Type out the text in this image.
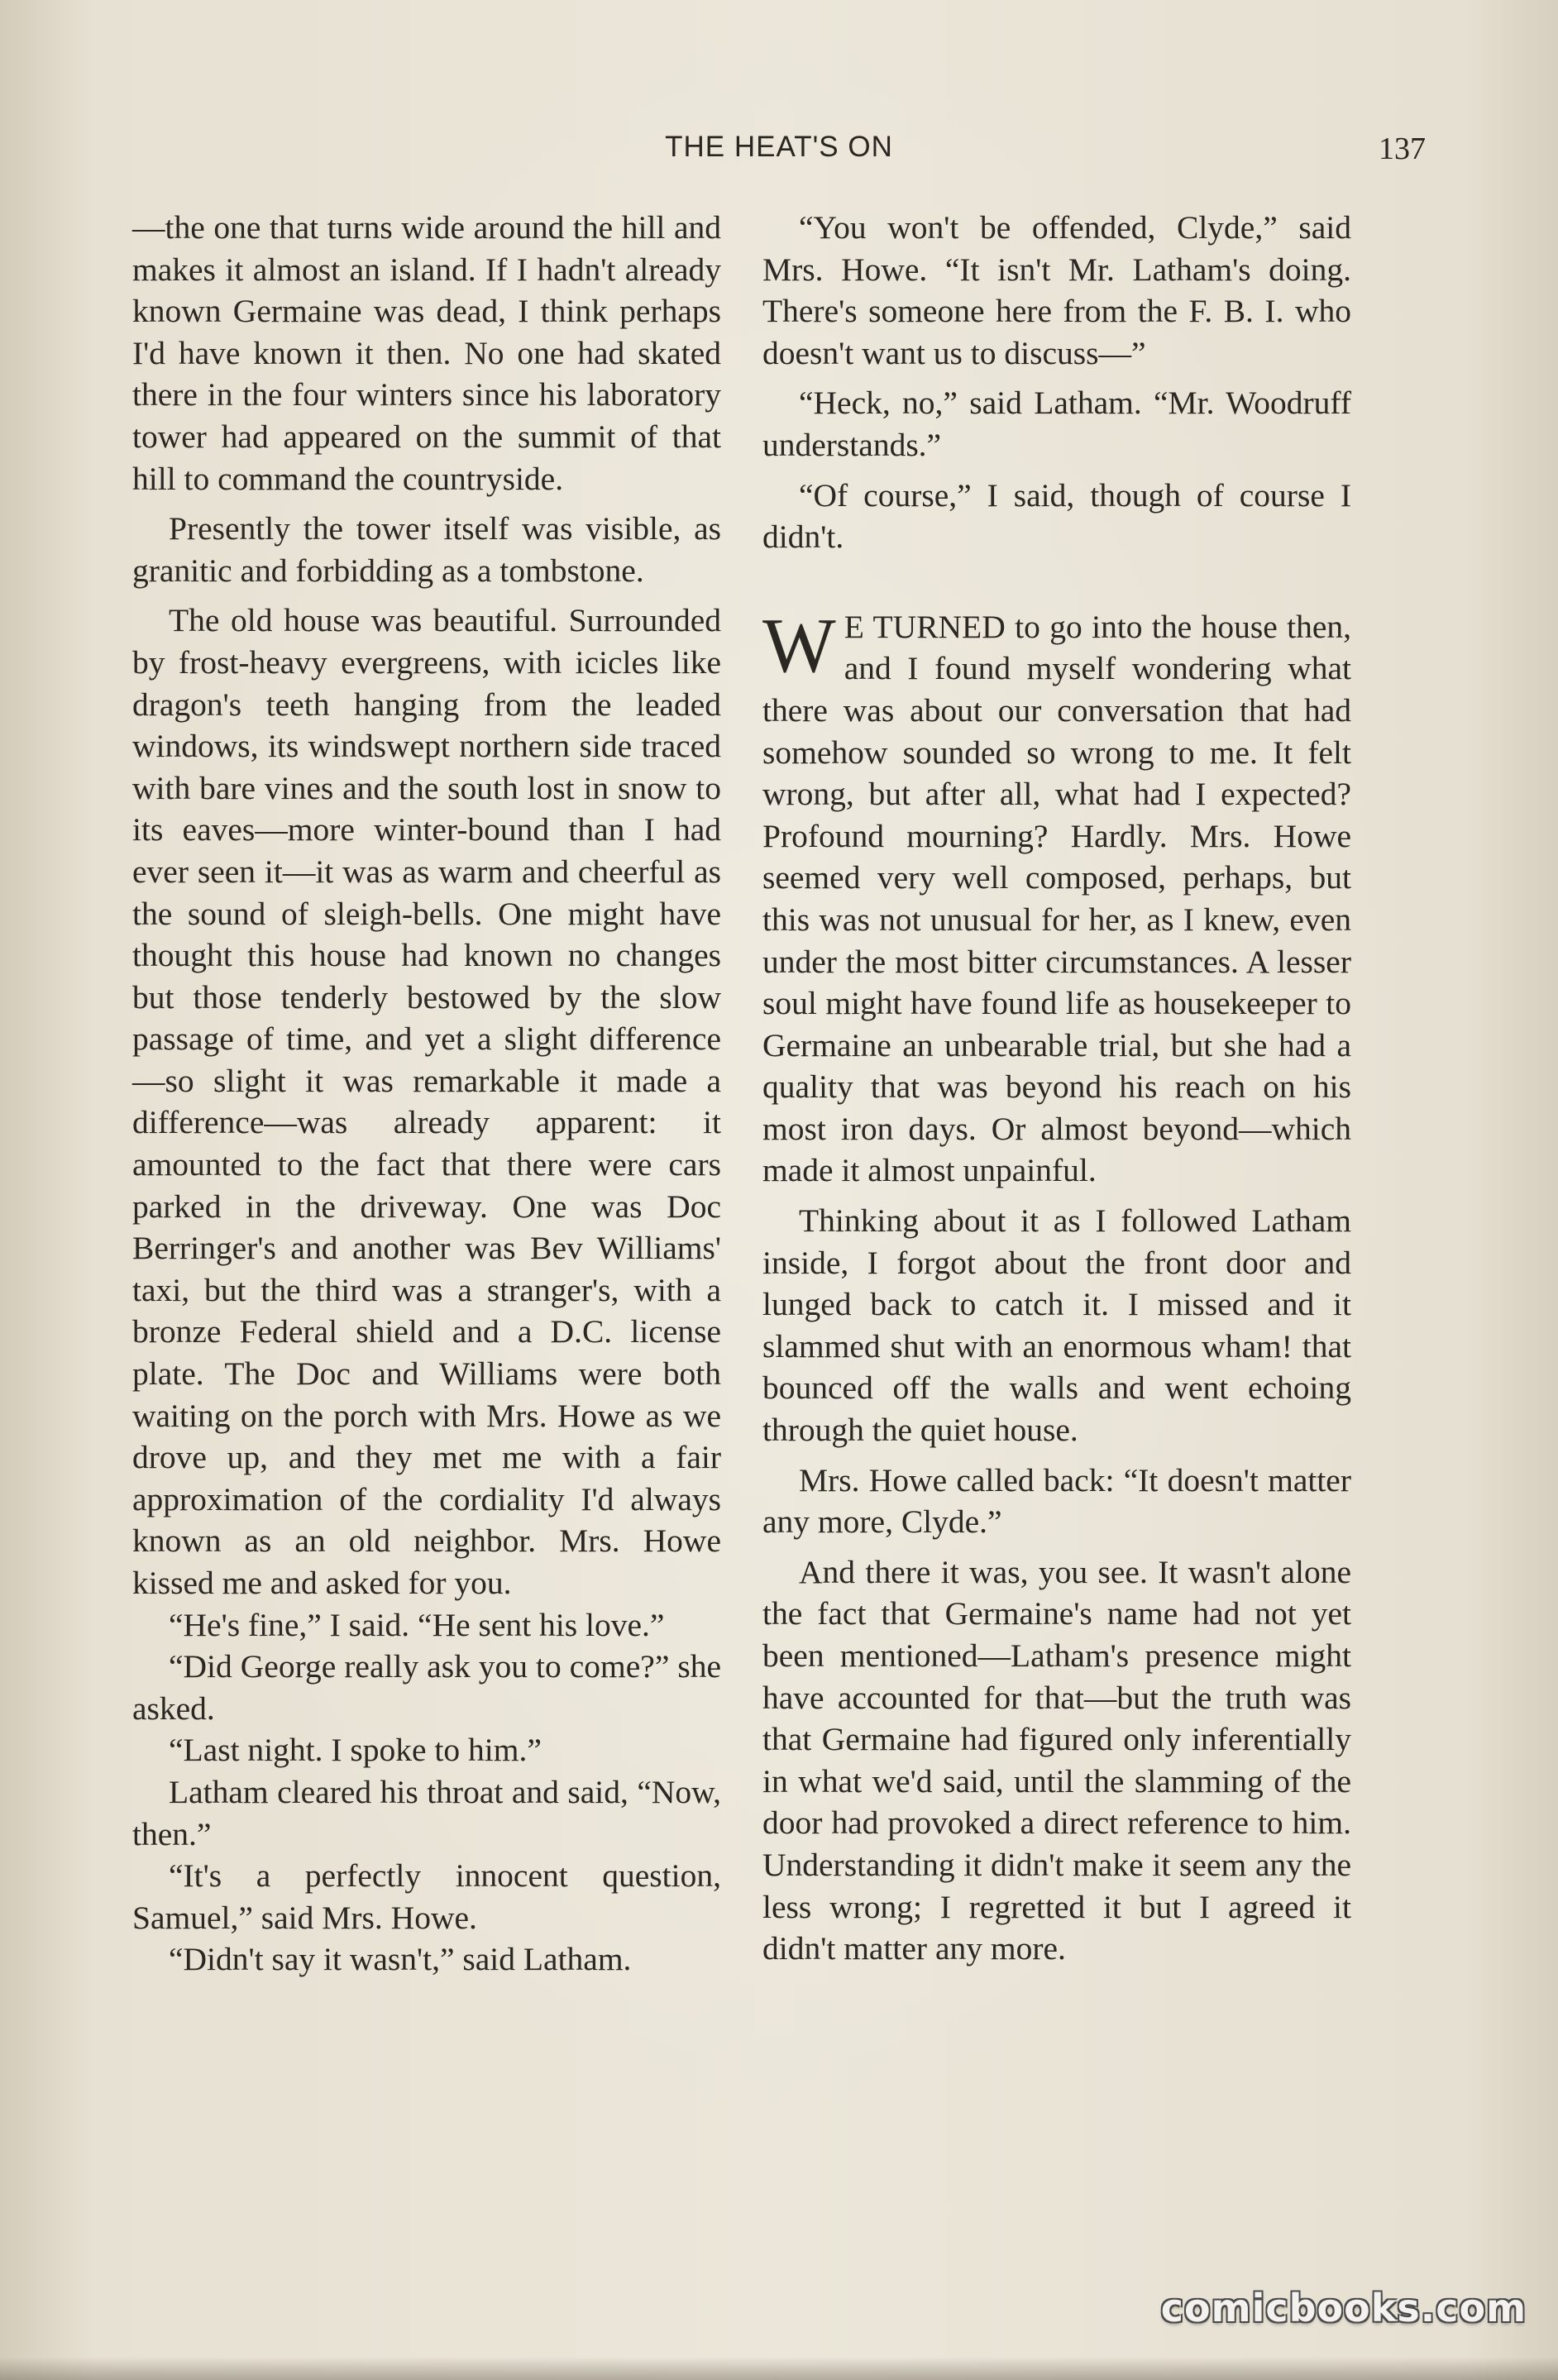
THE HEAT'S ON	137

—the one that turns wide around the hill and makes it almost an island. If I hadn't already known Germaine was dead, I think perhaps I'd have known it then. No one had skated there in the four winters since his laboratory tower had appeared on the summit of that hill to command the countryside.

Presently the tower itself was visible, as granitic and forbidding as a tombstone.

The old house was beautiful. Surrounded by frost-heavy evergreens, with icicles like dragon's teeth hanging from the leaded windows, its windswept northern side traced with bare vines and the south lost in snow to its eaves—more winter-bound than I had ever seen it—it was as warm and cheerful as the sound of sleigh-bells. One might have thought this house had known no changes but those tenderly bestowed by the slow passage of time, and yet a slight difference—so slight it was remarkable it made a difference—was already apparent: it amounted to the fact that there were cars parked in the driveway. One was Doc Berringer's and another was Bev Williams' taxi, but the third was a stranger's, with a bronze Federal shield and a D.C. license plate. The Doc and Williams were both waiting on the porch with Mrs. Howe as we drove up, and they met me with a fair approximation of the cordiality I'd always known as an old neighbor. Mrs. Howe kissed me and asked for you.

“He's fine,” I said. “He sent his love.”

“Did George really ask you to come?” she asked.

“Last night. I spoke to him.”

Latham cleared his throat and said, “Now, then.”

“It's a perfectly innocent question, Samuel,” said Mrs. Howe.

“Didn't say it wasn't,” said Latham.

“You won't be offended, Clyde,” said Mrs. Howe. “It isn't Mr. Latham's doing. There's someone here from the F. B. I. who doesn't want us to discuss—”

“Heck, no,” said Latham. “Mr. Woodruff understands.”

“Of course,” I said, though of course I didn't.

W E TURNED to go into the house then, and I found myself wondering what there was about our conversation that had somehow sounded so wrong to me. It felt wrong, but after all, what had I expected? Profound mourning? Hardly. Mrs. Howe seemed very well composed, perhaps, but this was not unusual for her, as I knew, even under the most bitter circumstances. A lesser soul might have found life as housekeeper to Germaine an unbearable trial, but she had a quality that was beyond his reach on his most iron days. Or almost beyond—which made it almost unpainful.

Thinking about it as I followed Latham inside, I forgot about the front door and lunged back to catch it. I missed and it slammed shut with an enormous wham! that bounced off the walls and went echoing through the quiet house.

Mrs. Howe called back: “It doesn't matter any more, Clyde.”

And there it was, you see. It wasn't alone the fact that Germaine's name had not yet been mentioned—Latham's presence might have accounted for that—but the truth was that Germaine had figured only inferentially in what we'd said, until the slamming of the door had provoked a direct reference to him. Understanding it didn't make it seem any the less wrong; I regretted it but I agreed it didn't matter any more.

comicbooks.com
